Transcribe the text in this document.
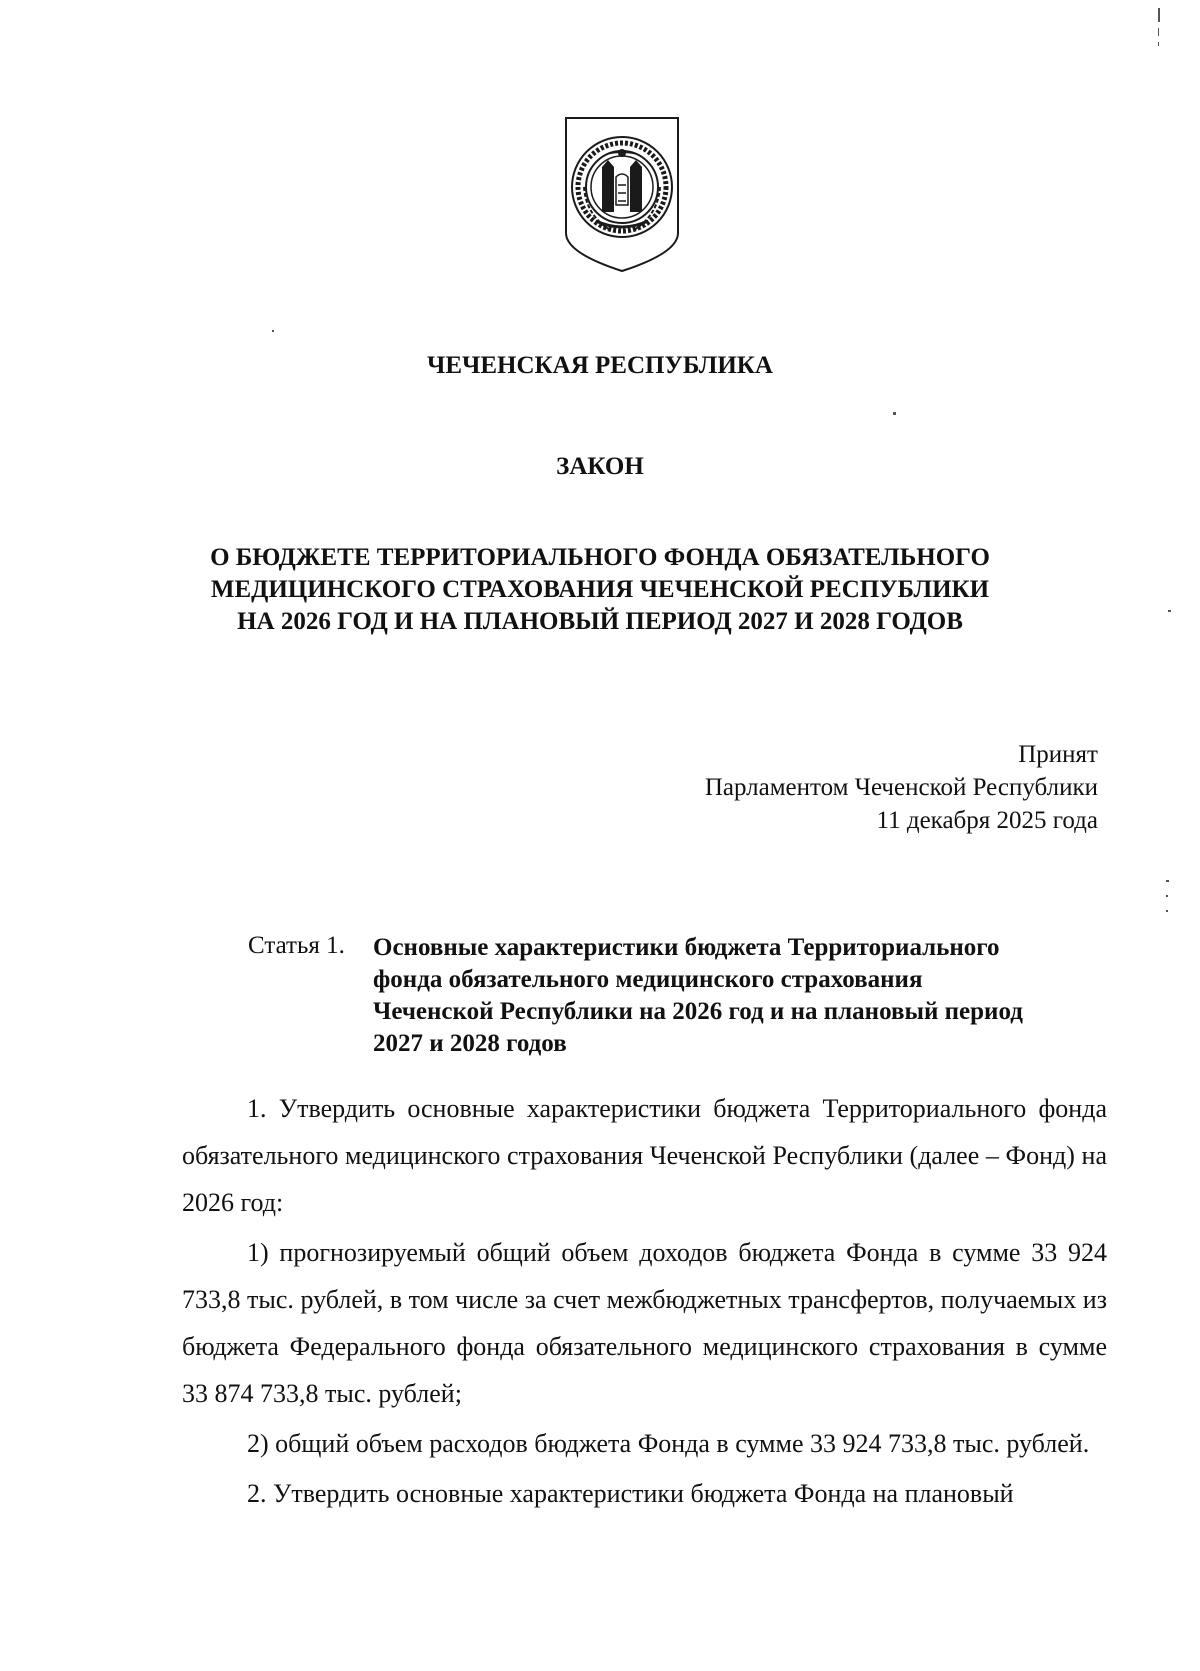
ЧЕЧЕНСКАЯ РЕСПУБЛИКА
ЗАКОН
О БЮДЖЕТЕ ТЕРРИТОРИАЛЬНОГО ФОНДА ОБЯЗАТЕЛЬНОГО
МЕДИЦИНСКОГО СТРАХОВАНИЯ ЧЕЧЕНСКОЙ РЕСПУБЛИКИ
НА 2026 ГОД И НА ПЛАНОВЫЙ ПЕРИОД 2027 И 2028 ГОДОВ
Принят
Парламентом Чеченской Республики
11 декабря 2025 года
Статья 1. Основные характеристики бюджета Территориального
фонда обязательного медицинского страхования
Чеченской Республики на 2026 год и на плановый период
2027 и 2028 годов

1. Утвердить основные характеристики бюджета Территориального фонда обязательного медицинского страхования Чеченской Республики (далее – Фонд) на 2026 год:

1) прогнозируемый общий объем доходов бюджета Фонда в сумме 33 924 733,8 тыс. рублей, в том числе за счет межбюджетных трансфертов, получаемых из бюджета Федерального фонда обязательного медицинского страхования в сумме 33 874 733,8 тыс. рублей;

2) общий объем расходов бюджета Фонда в сумме 33 924 733,8 тыс. рублей.

2. Утвердить основные характеристики бюджета Фонда на плановый
